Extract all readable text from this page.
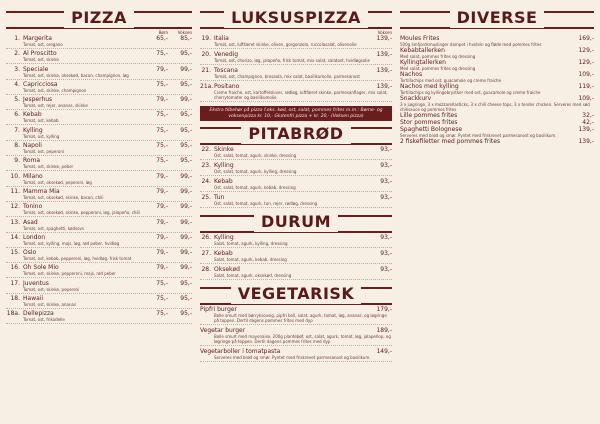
PIZZA
Børn	Voksen
1. Margerita	65,-	85,-
Tomat, ost, oregano
2. Al Proscitto	75,-	95,-
Tomat, ost, skinke
3. Speciale	79,-	99,-
Tomat, ost, skinke, oksekød, bacon, champignon, løg
4. Capricciosa	75,-	95,-
Tomat, ost, skinke, champignon
5. Jesperhus	79,-	99,-
Tomat, ost, rejer, ananas, skinke
6. Kebab	75,-	95,-
Tomat, ost, kebab
7. Kylling	75,-	95,-
Tomat, ost, kylling
8. Napoli	75,-	95,-
Tomat, ost, peperoni
9. Roma	75,-	95,-
Tomat, ost, skinke, peber
10. Milano	79,-	99,-
Tomat, ost, oksekød, peperoni, løg
11. Mamma Mia	79,-	99,-
Tomat, ost, oksekød, skinke, bacon, chili
12. Tonino	79,-	99,-
Tomat, ost, oksekød, skinke, pepperoni, løg, jalapeño, chili
13. Asad	79,-	99,-
Tomat, ost, spaghetti, kødsovs
14. London	79,-	99,-
Tomat, ost, kylling, majs, løg, rød peber, hvidløg
15. Oslo	79,-	99,-
Tomat, ost, kebab, pepperoni, løg, hvidløg, frisk tomat
16. Oh Sole Mio	79,-	99,-
Tomat, ost, skinke, pepperoni, majs, rød peber
17. Juventus	75,-	95,-
Tomat, ost, skinke, peperoni
18. Hawaii	75,-	95,-
Tomat, ost, skinke, ananas
18a. Dellepizza	75,-	95,-
Tomat, ost, frikadelle
LUKSUSPIZZA
Voksen
19. Italia	139,-
Tomat, ost, luftfæret skinke, oliven, gorgonzola, ruccolasalat, olivenolie
20. Venedig	139,-
Tomat, ost, chorizo, løg, jalapeño, frisk tomat, mix salat, salatost, hvidløgsolie
21. Toscana	139,-
Tomat, ost, champignon, bresaola, mix salat, basilikumolie, parmesanost
21a. Positano	139,-
Creme fraiche, ost, kartoffelskiver, rødløg, luftfæret skinke, parmesanflager, mix salat, cherrytomater og basilikumolie
Ekstra tilbehør på pizza f.eks. kød, ost, salat, pommes frites m.m.: Børne- og voksenpizza kr. 10,- Glutenfri pizza + kr. 20,- (Voksen pizza)
PITABRØD
22. Skinke	93,-
Ost, salat, tomat, agurk, skinke, dressing
23. Kylling	93,-
Ost, salat, tomat, agurk, kylling, dressing
24. Kebab	93,-
Ost, salat, tomat, agurk, kebab, dressing
25. Tun	93,-
Ost, salat, tomat, agurk, tun, rejer, rødløg, dressing
DURUM
26. Kylling	93,-
Salat, tomat, agurk, kylling, dressing
27. Kebab	93,-
Salat, tomat, agurk, kebab, dressing
28. Oksekød	93,-
Salat, tomat, agurk, oksekød, dressing
VEGETARISK
Pipfri burger	179,-
Bolle smurt med børryksovsig, pipfri boll, salat, agurk, tomat, løg, ananas, og løgringe på toppen. Dertil dagens pommes frites med dyp
Vegetar burger	189,-
Bolle smurt med mayonaise, 200g plantebøf, ost, salat, agurk, tomat, løg, jalapeñop, og løgringe på toppen. Dertil dagens pommes frites med dyp
Vegetarboller i tomatpasta	149,-
Serveres med brød og smør. Pyntet med friskrevet parmesanost og basilikum.
DIVERSE
Moules Frites	169,-
500g limfjordsmuslinger dampet i hvidvin og fløde med pommes frites
Kebabtallerken	129,-
Med salat, pommes frites og dressing
Kyllingtallerken	129,-
Med salat, pommes frites og dressing
Nachos	109,-
Tortillachips med ost, guacamole og creme fraiche
Nachos med kylling	119,-
Tortillachips og kyllingebrystker med ost, guacamole og creme fraiche
Snackkurv	109,-
3 x Løgringe, 3 x mozzarellasticks, 3 x chili cheese tops, 3 x tender chicken. Serveres med sød chilisauce og pommes frites
Lille pommes frites	32,-
Stor pommes frites	42,-
Spaghetti Bolognese	139,-
Serveres med brød og smør. Pyntet med friskrevet parmesanost og basilikum.
2 fiskefiletter med pommes frites	139,-
